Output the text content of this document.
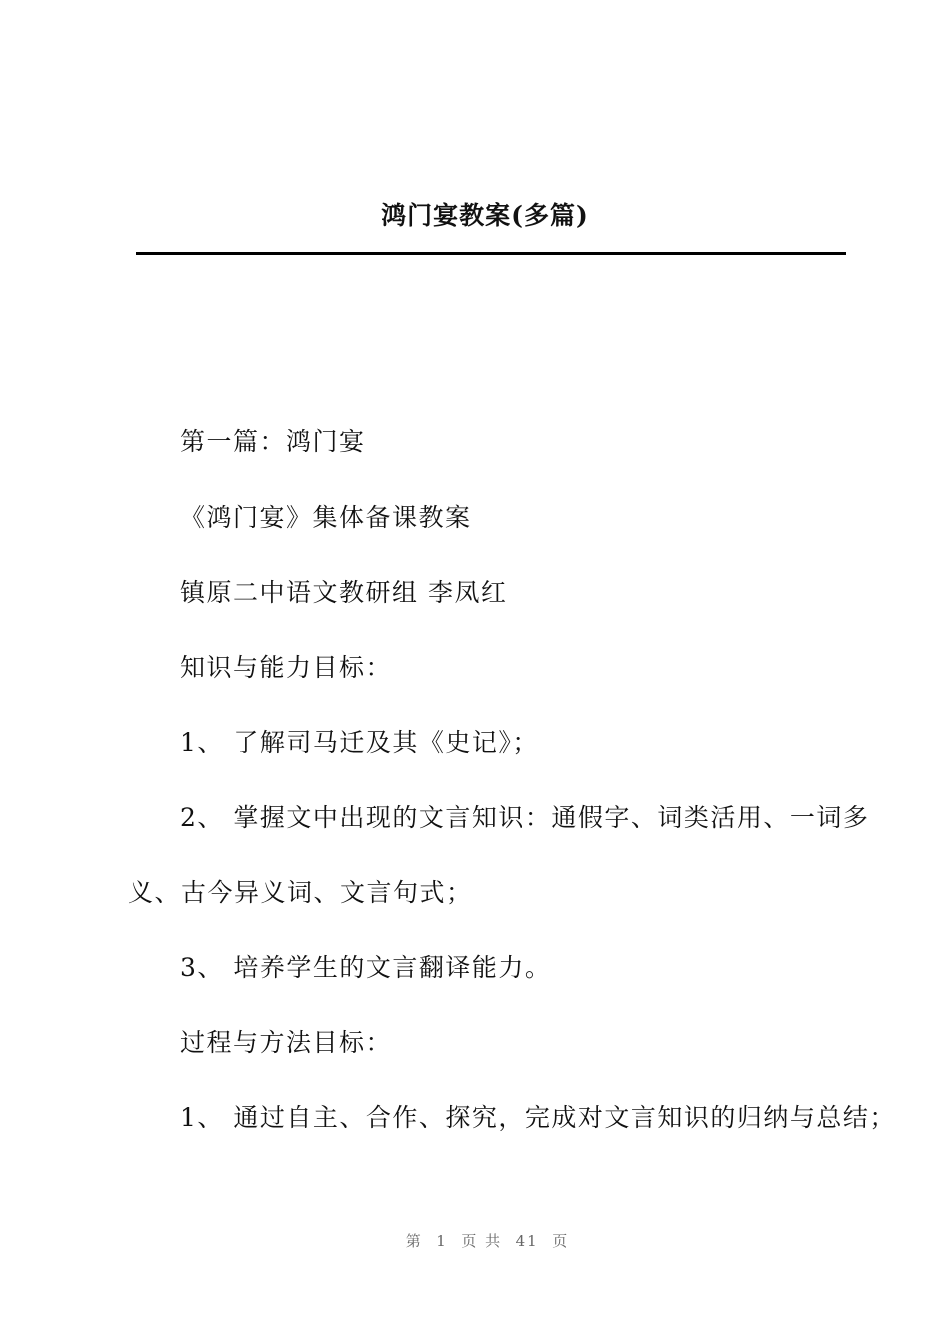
鸿门宴教案(多篇)
第一篇：鸿门宴
《鸿门宴》集体备课教案
镇原二中语文教研组 李凤红
知识与能力目标：
1、 了解司马迁及其《史记》；
2、 掌握文中出现的文言知识：通假字、词类活用、一词多
义、古今异义词、文言句式；
3、 培养学生的文言翻译能力。
过程与方法目标：
1、 通过自主、合作、探究，完成对文言知识的归纳与总结；
第  1  页 共  41  页
